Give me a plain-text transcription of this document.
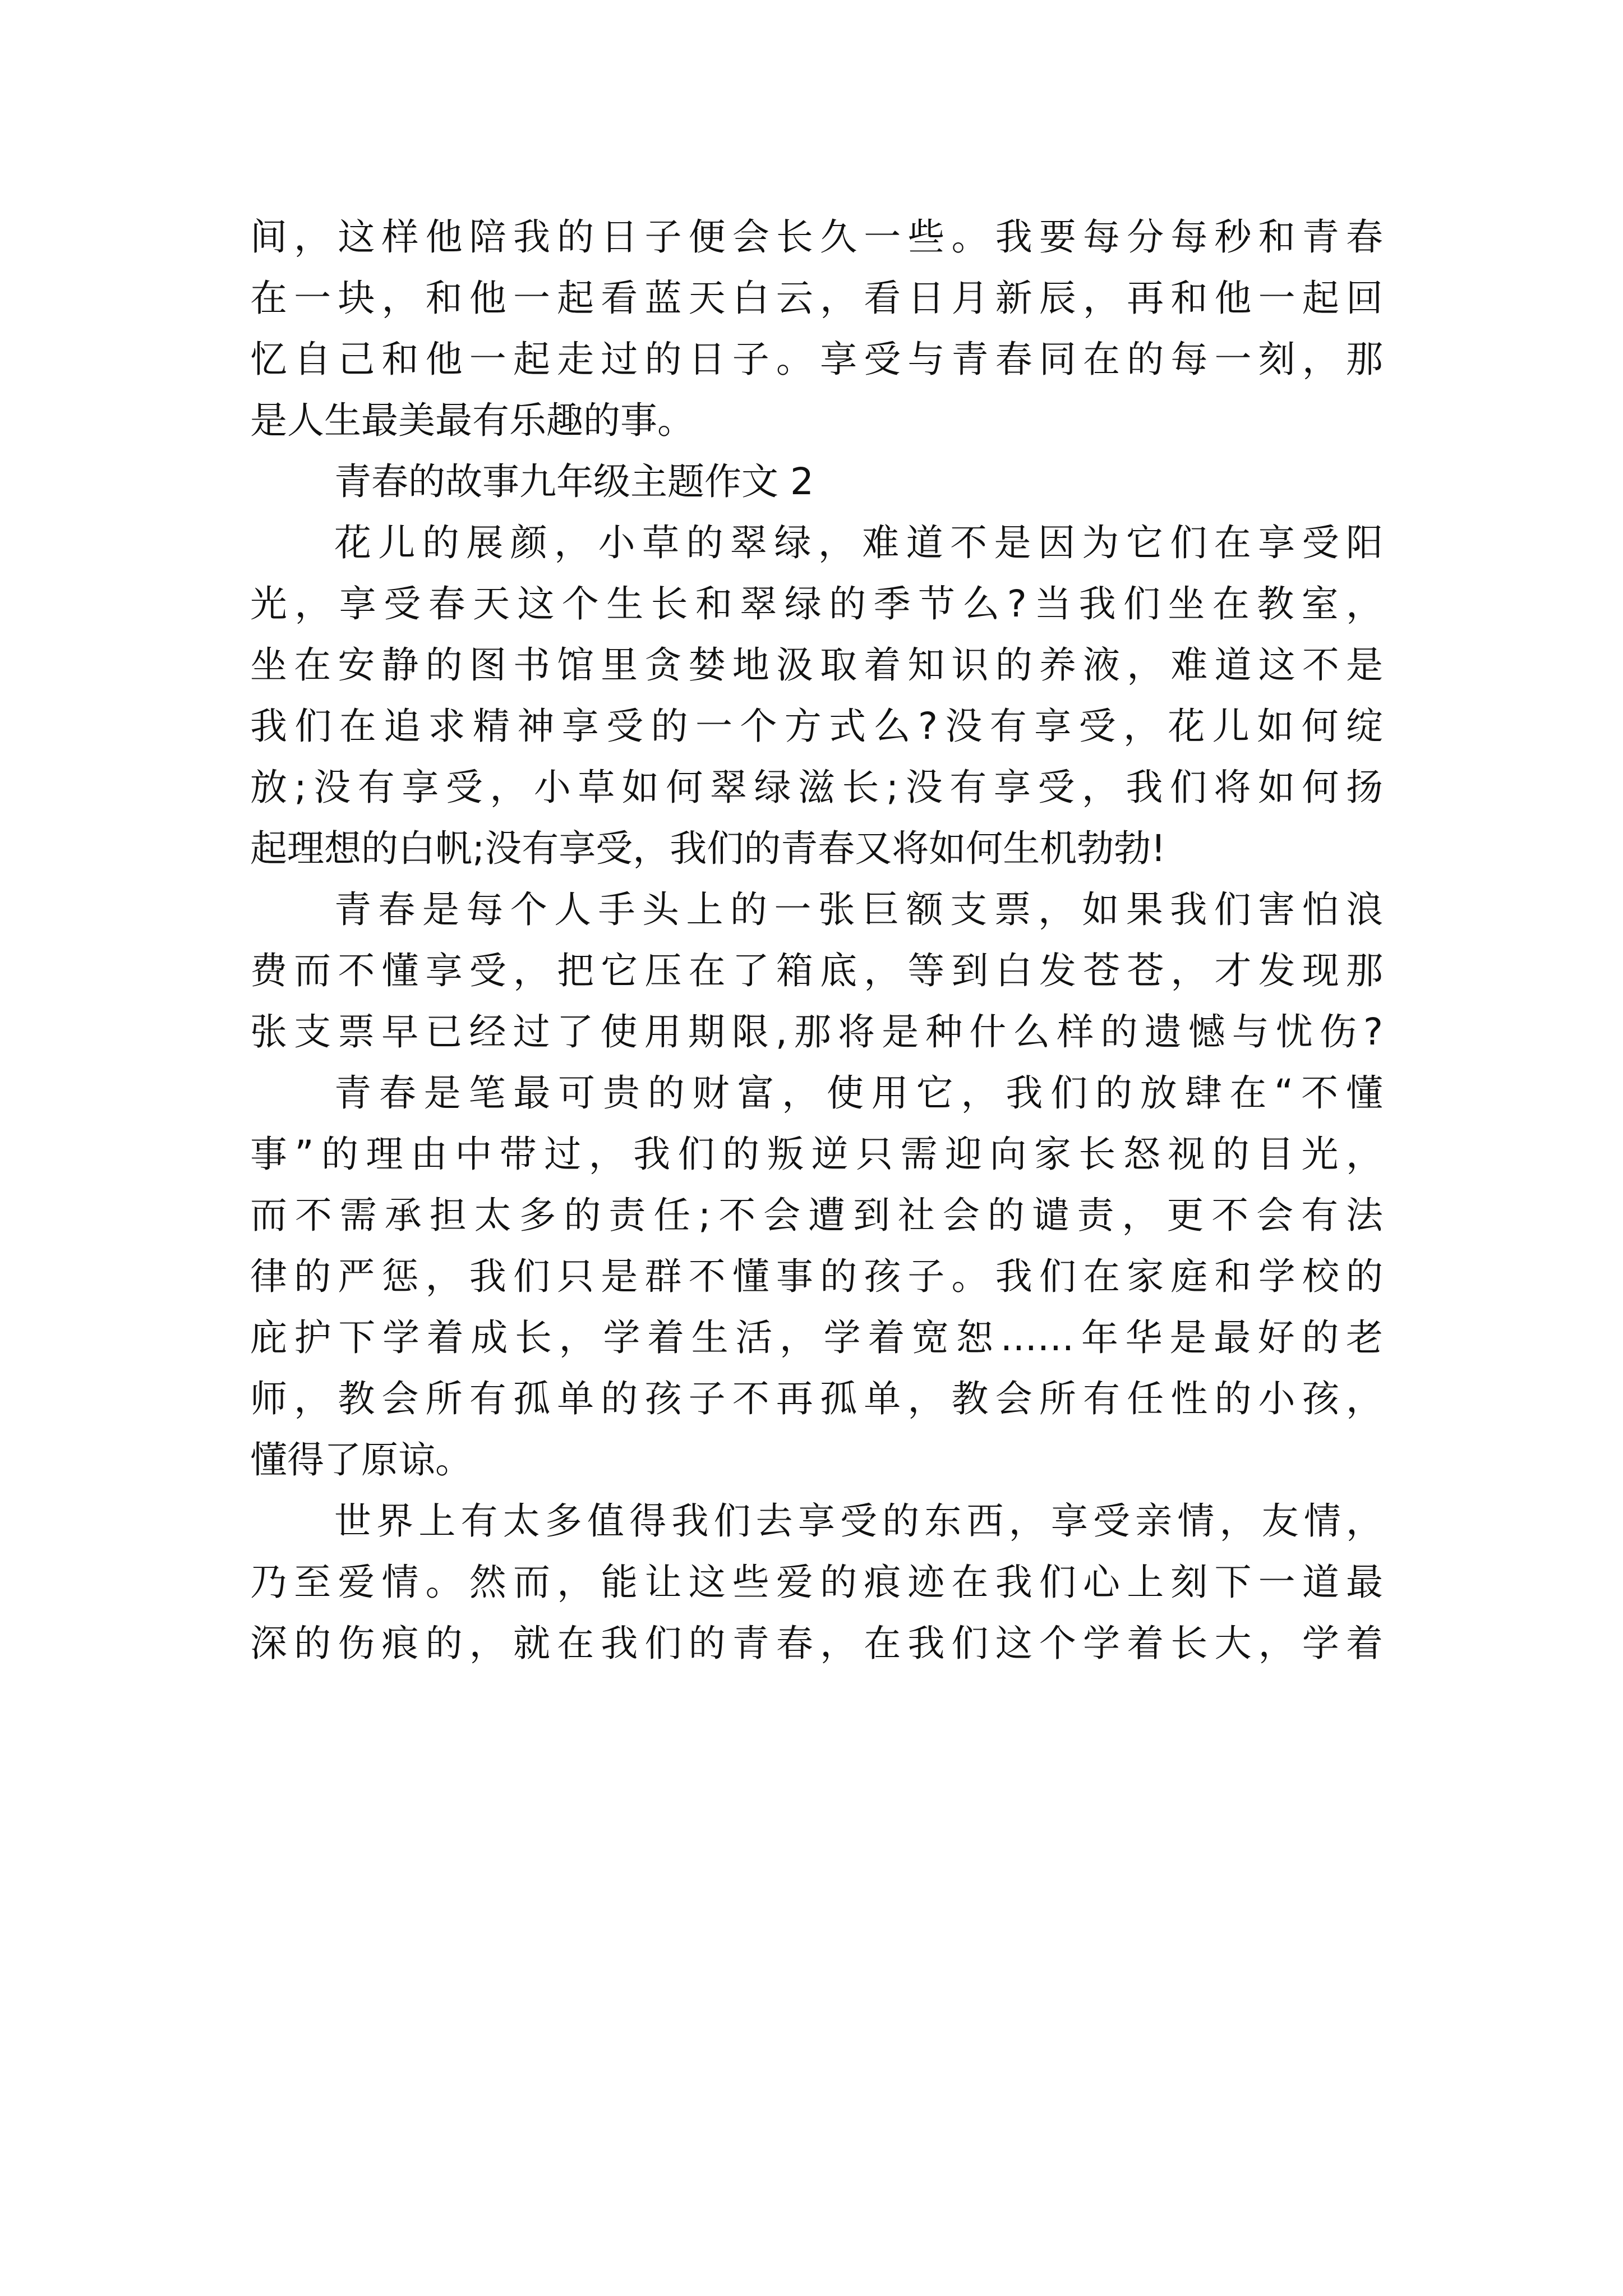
间，这样他陪我的日子便会长久一些。我要每分每秒和青春
在一块，和他一起看蓝天白云，看日月新辰，再和他一起回
忆自己和他一起走过的日子。享受与青春同在的每一刻，那
是人生最美最有乐趣的事。
青春的故事九年级主题作文 2
花儿的展颜，小草的翠绿，难道不是因为它们在享受阳
光，享受春天这个生长和翠绿的季节么?当我们坐在教室，
坐在安静的图书馆里贪婪地汲取着知识的养液，难道这不是
我们在追求精神享受的一个方式么?没有享受，花儿如何绽
放;没有享受，小草如何翠绿滋长;没有享受，我们将如何扬
起理想的白帆;没有享受，我们的青春又将如何生机勃勃!
青春是每个人手头上的一张巨额支票，如果我们害怕浪
费而不懂享受，把它压在了箱底，等到白发苍苍，才发现那
张支票早已经过了使用期限,那将是种什么样的遗憾与忧伤?
青春是笔最可贵的财富，使用它，我们的放肆在“不懂
事”的理由中带过，我们的叛逆只需迎向家长怒视的目光，
而不需承担太多的责任;不会遭到社会的谴责，更不会有法
律的严惩，我们只是群不懂事的孩子。我们在家庭和学校的
庇护下学着成长，学着生活，学着宽恕……年华是最好的老
师，教会所有孤单的孩子不再孤单，教会所有任性的小孩，
懂得了原谅。
世界上有太多值得我们去享受的东西，享受亲情，友情，
乃至爱情。然而，能让这些爱的痕迹在我们心上刻下一道最
深的伤痕的，就在我们的青春，在我们这个学着长大，学着
